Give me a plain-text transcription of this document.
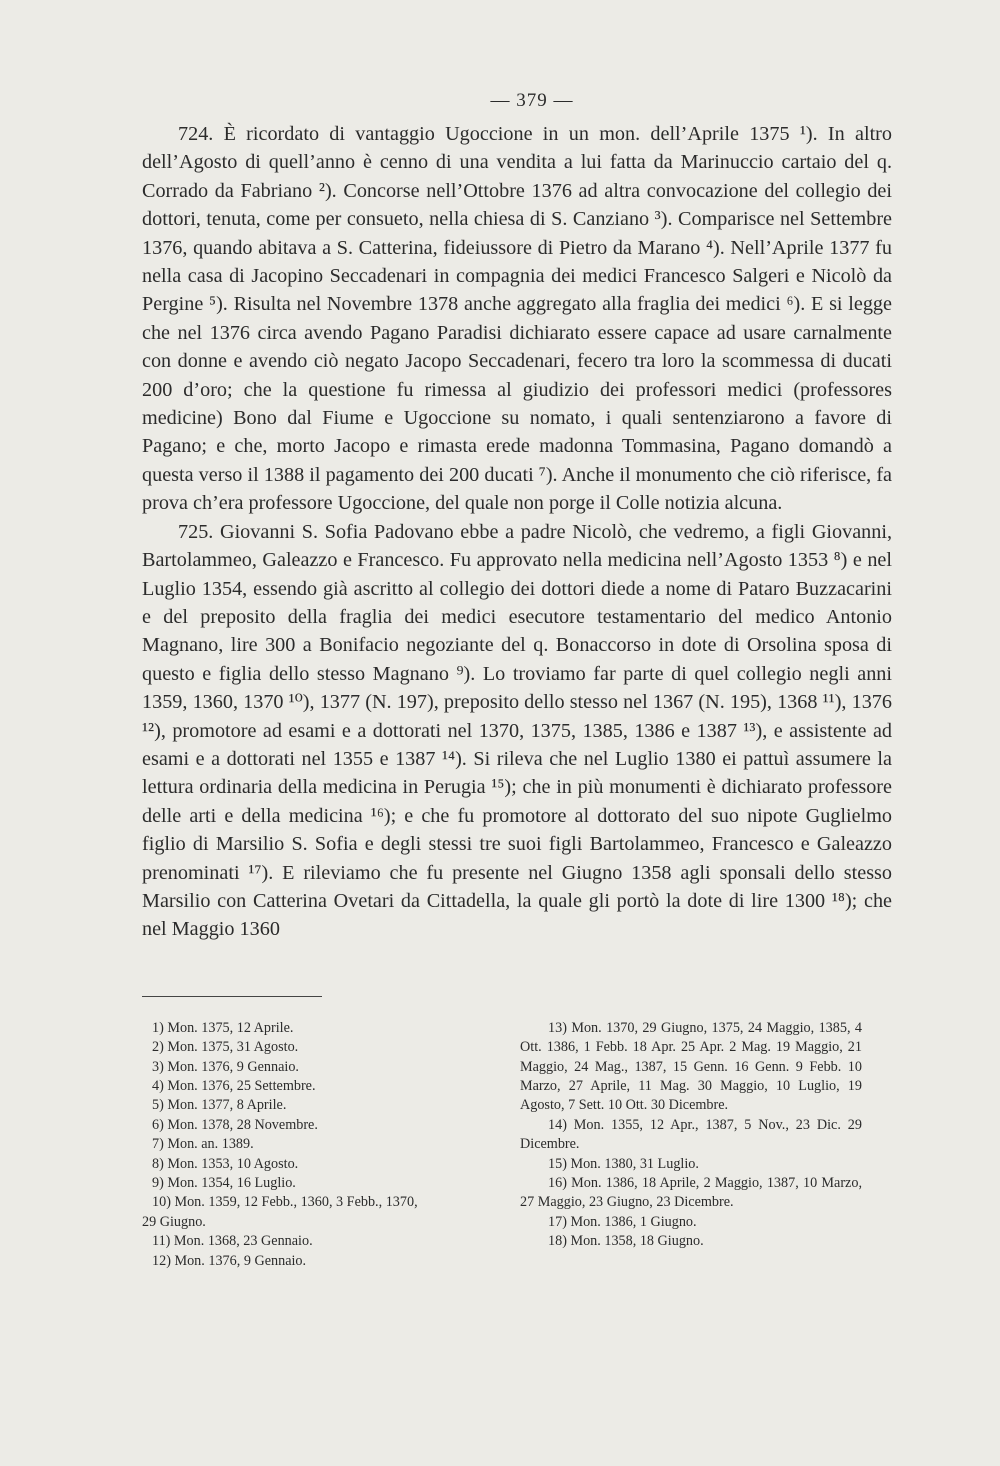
— 379 —

724. È ricordato di vantaggio Ugoccione in un mon. dell’Aprile 1375 ¹). In altro dell’Agosto di quell’anno è cenno di una vendita a lui fatta da Marinuccio cartaio del q. Corrado da Fabriano ²). Concorse nell’Ottobre 1376 ad altra convocazione del collegio dei dottori, tenuta, come per consueto, nella chiesa di S. Canziano ³). Comparisce nel Settembre 1376, quando abitava a S. Catterina, fideiussore di Pietro da Marano ⁴). Nell’Aprile 1377 fu nella casa di Jacopino Seccadenari in compagnia dei medici Francesco Salgeri e Nicolò da Pergine ⁵). Risulta nel Novembre 1378 anche aggregato alla fraglia dei medici ⁶). E si legge che nel 1376 circa avendo Pagano Paradisi dichiarato essere capace ad usare carnalmente con donne e avendo ciò negato Jacopo Seccadenari, fecero tra loro la scommessa di ducati 200 d’oro; che la questione fu rimessa al giudizio dei professori medici (professores medicine) Bono dal Fiume e Ugoccione su nomato, i quali sentenziarono a favore di Pagano; e che, morto Jacopo e rimasta erede madonna Tommasina, Pagano domandò a questa verso il 1388 il pagamento dei 200 ducati ⁷). Anche il monumento che ciò riferisce, fa prova ch’era professore Ugoccione, del quale non porge il Colle notizia alcuna.

725. Giovanni S. Sofia Padovano ebbe a padre Nicolò, che vedremo, a figli Giovanni, Bartolammeo, Galeazzo e Francesco. Fu approvato nella medicina nell’Agosto 1353 ⁸) e nel Luglio 1354, essendo già ascritto al collegio dei dottori diede a nome di Pataro Buzzacarini e del preposito della fraglia dei medici esecutore testamentario del medico Antonio Magnano, lire 300 a Bonifacio negoziante del q. Bonaccorso in dote di Orsolina sposa di questo e figlia dello stesso Magnano ⁹). Lo troviamo far parte di quel collegio negli anni 1359, 1360, 1370 ¹⁰), 1377 (N. 197), preposito dello stesso nel 1367 (N. 195), 1368 ¹¹), 1376 ¹²), promotore ad esami e a dottorati nel 1370, 1375, 1385, 1386 e 1387 ¹³), e assistente ad esami e a dottorati nel 1355 e 1387 ¹⁴). Si rileva che nel Luglio 1380 ei pattuì assumere la lettura ordinaria della medicina in Perugia ¹⁵); che in più monumenti è dichiarato professore delle arti e della medicina ¹⁶); e che fu promotore al dottorato del suo nipote Guglielmo figlio di Marsilio S. Sofia e degli stessi tre suoi figli Bartolammeo, Francesco e Galeazzo prenominati ¹⁷). E rileviamo che fu presente nel Giugno 1358 agli sponsali dello stesso Marsilio con Catterina Ovetari da Cittadella, la quale gli portò la dote di lire 1300 ¹⁸); che nel Maggio 1360

1) Mon. 1375, 12 Aprile.
2) Mon. 1375, 31 Agosto.
3) Mon. 1376, 9 Gennaio.
4) Mon. 1376, 25 Settembre.
5) Mon. 1377, 8 Aprile.
6) Mon. 1378, 28 Novembre.
7) Mon. an. 1389.
8) Mon. 1353, 10 Agosto.
9) Mon. 1354, 16 Luglio.
10) Mon. 1359, 12 Febb., 1360, 3 Febb., 1370,
29 Giugno.
11) Mon. 1368, 23 Gennaio.
12) Mon. 1376, 9 Gennaio.
13) Mon. 1370, 29 Giugno, 1375, 24 Maggio, 1385, 4 Ott. 1386, 1 Febb. 18 Apr. 25 Apr. 2 Mag. 19 Maggio, 21 Maggio, 24 Mag., 1387, 15 Genn. 16 Genn. 9 Febb. 10 Marzo, 27 Aprile, 11 Mag. 30 Maggio, 10 Luglio, 19 Agosto, 7 Sett. 10 Ott. 30 Dicembre.
14) Mon. 1355, 12 Apr., 1387, 5 Nov., 23 Dic. 29 Dicembre.
15) Mon. 1380, 31 Luglio.
16) Mon. 1386, 18 Aprile, 2 Maggio, 1387, 10 Marzo, 27 Maggio, 23 Giugno, 23 Dicembre.
17) Mon. 1386, 1 Giugno.
18) Mon. 1358, 18 Giugno.
